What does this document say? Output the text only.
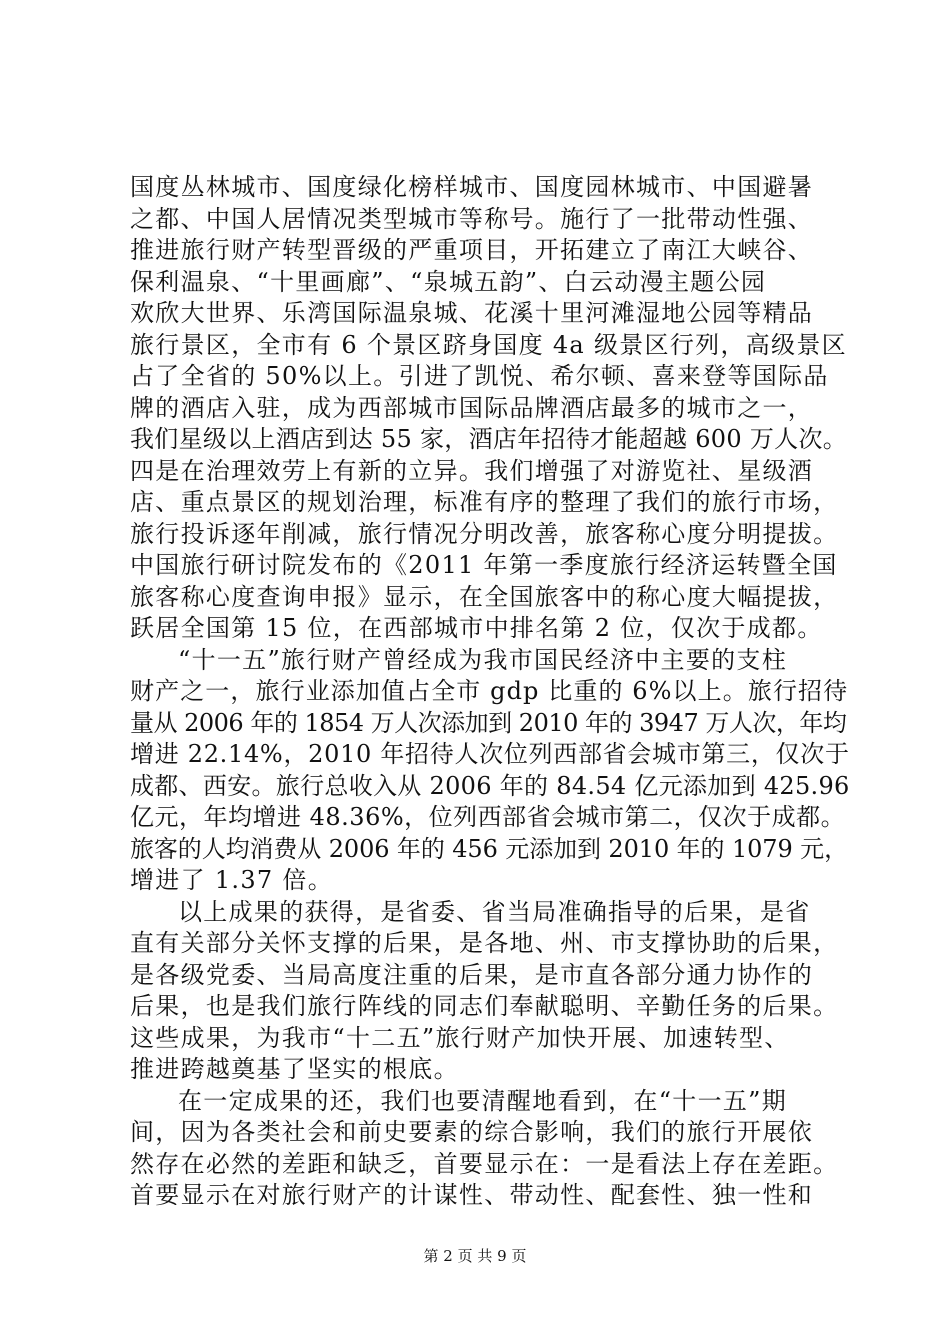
国度丛林城市、国度绿化榜样城市、国度园林城市、中国避暑
之都、中国人居情况类型城市等称号。施行了一批带动性强、
推进旅行财产转型晋级的严重项目，开拓建立了南江大峡谷、
保利温泉、“十里画廊”、“泉城五韵”、白云动漫主题公园
欢欣大世界、乐湾国际温泉城、花溪十里河滩湿地公园等精品
旅行景区，全市有 6 个景区跻身国度 4a 级景区行列，高级景区
占了全省的 50%以上。引进了凯悦、希尔顿、喜来登等国际品
牌的酒店入驻，成为西部城市国际品牌酒店最多的城市之一，
我们星级以上酒店到达 55 家，酒店年招待才能超越 600 万人次。
四是在治理效劳上有新的立异。我们增强了对游览社、星级酒
店、重点景区的规划治理，标准有序的整理了我们的旅行市场，
旅行投诉逐年削减，旅行情况分明改善，旅客称心度分明提拔。
中国旅行研讨院发布的《2011 年第一季度旅行经济运转暨全国
旅客称心度查询申报》显示，在全国旅客中的称心度大幅提拔，
跃居全国第 15 位，在西部城市中排名第 2 位，仅次于成都。
“十一五”旅行财产曾经成为我市国民经济中主要的支柱
财产之一，旅行业添加值占全市 gdp 比重的 6%以上。旅行招待
量从 2006 年的 1854 万人次添加到 2010 年的 3947 万人次，年均
增进 22.14%，2010 年招待人次位列西部省会城市第三，仅次于
成都、西安。旅行总收入从 2006 年的 84.54 亿元添加到 425.96
亿元，年均增进 48.36%，位列西部省会城市第二，仅次于成都。
旅客的人均消费从 2006 年的 456 元添加到 2010 年的 1079 元，
增进了 1.37 倍。
以上成果的获得，是省委、省当局准确指导的后果，是省
直有关部分关怀支撑的后果，是各地、州、市支撑协助的后果，
是各级党委、当局高度注重的后果，是市直各部分通力协作的
后果，也是我们旅行阵线的同志们奉献聪明、辛勤任务的后果。
这些成果，为我市“十二五”旅行财产加快开展、加速转型、
推进跨越奠基了坚实的根底。
在一定成果的还，我们也要清醒地看到，在“十一五”期
间，因为各类社会和前史要素的综合影响，我们的旅行开展依
然存在必然的差距和缺乏，首要显示在：一是看法上存在差距。
首要显示在对旅行财产的计谋性、带动性、配套性、独一性和
第 2 页 共 9 页
